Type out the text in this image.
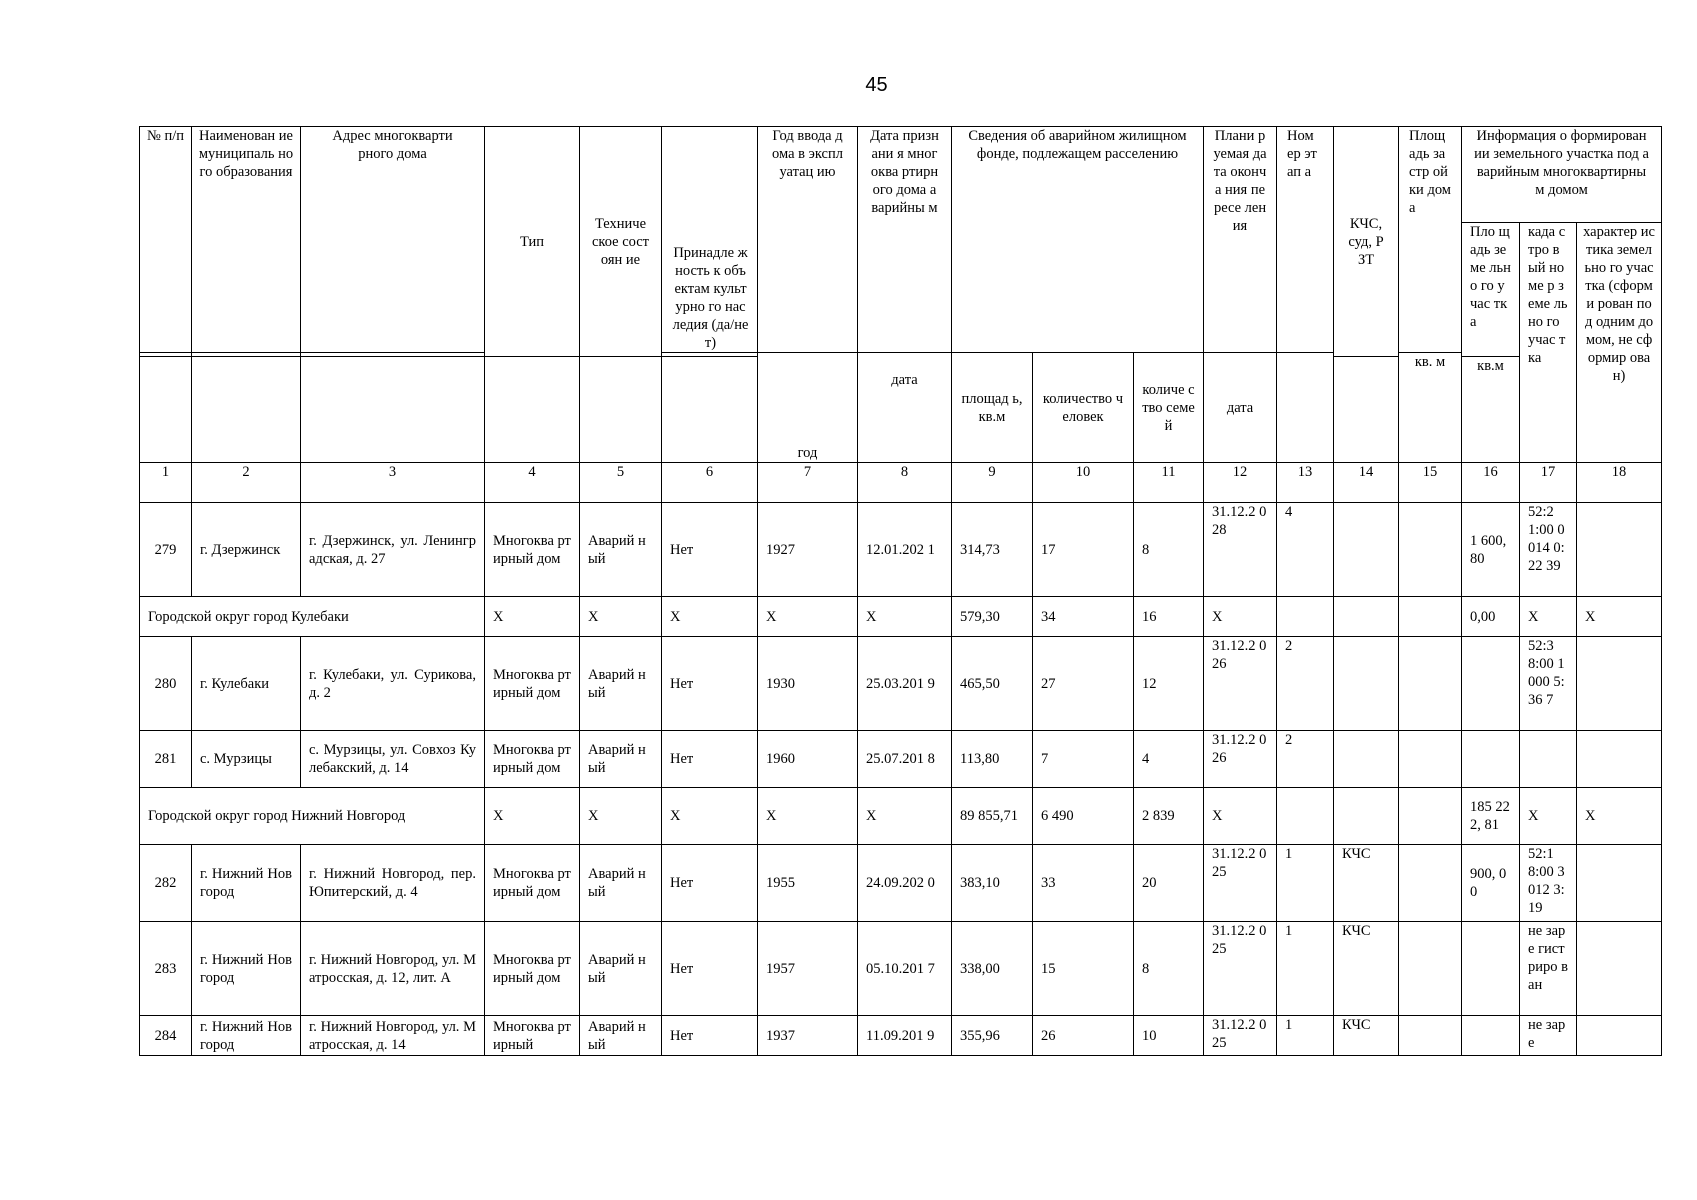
45
№ п/п	Наименован ие муниципаль ного образования	Адрес многоквартирного дома	Тип	Техниче ское состоян ие	Принадле жность к объектам культурно го наследия (да/нет)	Год ввода дома в эксплуатац ию	Дата признани я многоква ртирного дома аварийны м	Сведения об аварийном жилищном фонде, подлежащем расселению			Плани руемая дата оконча ния пересе ления	Ном ер этап а	КЧС, суд, РЗТ	Площ адь застр ойки дома	Информация о формировании земельного участка под аварийным многоквартирным домом		
															Пло щадь земе льно го учас тка	када стро вый номе р земе льно го учас тка	характер истика земельно го участка (сформи рован под одним домом, не сформир ован)
						год	дата	площад ь, кв.м	количество человек	количе ство семей	дата			кв. м			
															кв.м		
1	2	3	4	5	6	7	8	9	10	11	12	13	14	15	16	17	18
279	г. Дзержинск	г. Дзержинск, ул. Ленинградская, д. 27	Многоква ртирный дом	Аварий ный	Нет	1927	12.01.202 1	314,73	17	8	31.12.2 028	4			1 600, 80	52:2 1:00 0014 0:22 39	
Городской округ город Кулебаки			X	X	X	X	X	579,30	34	16	X				0,00	X	X
280	г. Кулебаки	г. Кулебаки, ул. Сурикова, д. 2	Многоква ртирный дом	Аварий ный	Нет	1930	25.03.201 9	465,50	27	12	31.12.2 026	2				52:3 8:00 1000 5:36 7	
281	с. Мурзицы	с. Мурзицы, ул. Совхоз Кулебакский, д. 14	Многоква ртирный дом	Аварий ный	Нет	1960	25.07.201 8	113,80	7	4	31.12.2 026	2					
Городской округ город Нижний Новгород			X	X	X	X	X	89 855,71	6 490	2 839	X				185 222, 81	X	X
282	г. Нижний Новгород	г. Нижний Новгород, пер. Юпитерский, д. 4	Многоква ртирный дом	Аварий ный	Нет	1955	24.09.202 0	383,10	33	20	31.12.2 025	1	КЧС		900, 00	52:1 8:00 3012 3:19	
283	г. Нижний Новгород	г. Нижний Новгород, ул. Матросская, д. 12, лит. А	Многоква ртирный дом	Аварий ный	Нет	1957	05.10.201 7	338,00	15	8	31.12.2 025	1	КЧС			не заре гист риро ван	
284	г. Нижний Новгород	г. Нижний Новгород, ул. Матросская, д. 14	Многоква ртирный	Аварий ный	Нет	1937	11.09.201 9	355,96	26	10	31.12.2 025	1	КЧС			не заре	
